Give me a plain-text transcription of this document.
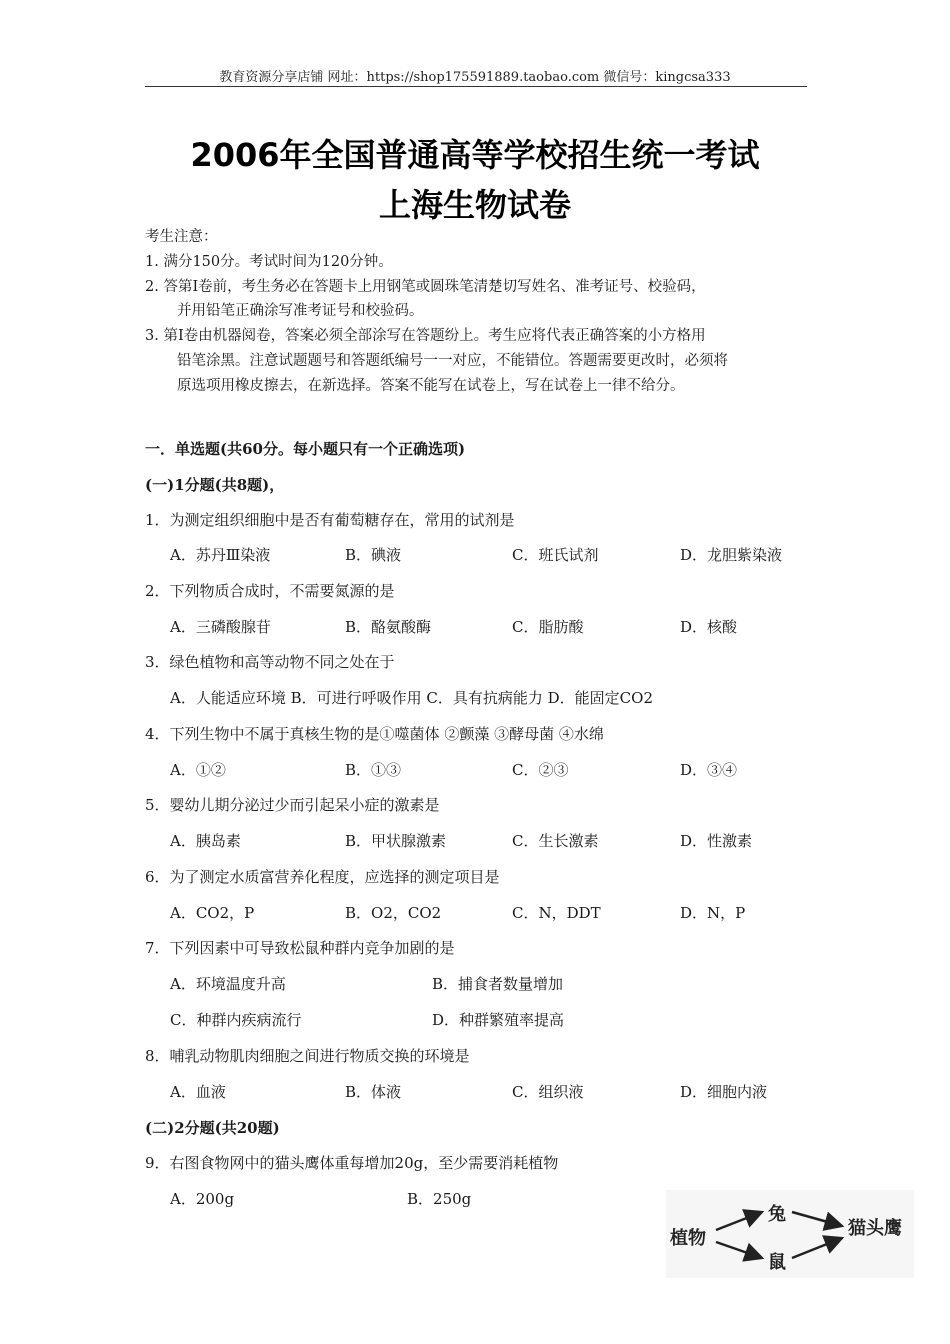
教育资源分享店铺 网址：https://shop175591889.taobao.com 微信号：kingcsa333
2006年全国普通高等学校招生统一考试
上海生物试卷
考生注意：
1. 满分150分。考试时间为120分钟。
2. 答第Ⅰ卷前，考生务必在答题卡上用钢笔或圆珠笔清楚切写姓名、准考证号、校验码，
并用铅笔正确涂写准考证号和校验码。
3. 第Ⅰ卷由机器阅卷，答案必须全部涂写在答题纷上。考生应将代表正确答案的小方格用
铅笔涂黑。注意试题题号和答题纸编号一一对应，不能错位。答题需要更改时，必须将
原选项用橡皮擦去，在新选择。答案不能写在试卷上，写在试卷上一律不给分。
一．单选题(共60分。每小题只有一个正确选项)
(一)1分题(共8题)，
1．为测定组织细胞中是否有葡萄糖存在，常用的试剂是
A．苏丹Ⅲ染液	B．碘液	C．班氏试剂	D．龙胆紫染液
2．下列物质合成时，不需要氮源的是
A．三磷酸腺苷	B．酪氨酸酶	C．脂肪酸	D．核酸
3．绿色植物和高等动物不同之处在于
A．人能适应环境 B．可进行呼吸作用 C．具有抗病能力 D．能固定CO2
4．下列生物中不属于真核生物的是①噬菌体 ②颤藻 ③酵母菌 ④水绵
A．①②	B．①③	C．②③	D．③④
5．婴幼儿期分泌过少而引起呆小症的激素是
A．胰岛素	B．甲状腺激素	C．生长激素	D．性激素
6．为了测定水质富营养化程度，应选择的测定项目是
A．CO2，P	B．O2，CO2	C．N，DDT	D．N，P
7．下列因素中可导致松鼠种群内竞争加剧的是
A．环境温度升高	B．捕食者数量增加
C．种群内疾病流行	D．种群繁殖率提高
8．哺乳动物肌肉细胞之间进行物质交换的环境是
A．血液	B．体液	C．组织液	D．细胞内液
(二)2分题(共20题)
9．右图食物网中的猫头鹰体重每增加20g，至少需要消耗植物
A．200g	B．250g
植物
兔
鼠
猫头鹰
